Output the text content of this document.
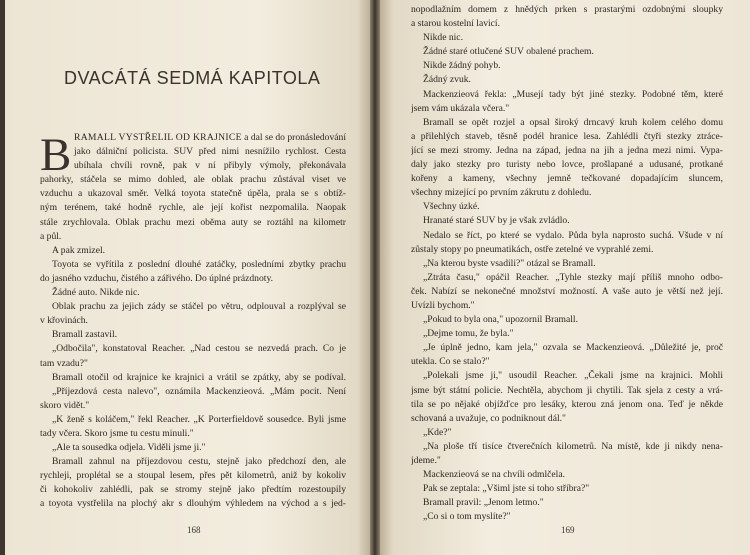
DVACÁTÁ SEDMÁ KAPITOLA
B RAMALL VYSTŘELIL OD KRAJNICE a dal se do pronásledování
jako dálniční policista. SUV před nimi nesnížilo rychlost. Cesta
ubíhala chvíli rovně, pak v ní přibyly výmoly, překonávala
pahorky, stáčela se mimo dohled, ale oblak prachu zůstával viset ve
vzduchu a ukazoval směr. Velká toyota statečně úpěla, prala se s obtíž-
ným terénem, také hodně rychle, ale její kořist nezpomalila. Naopak
stále zrychlovala. Oblak prachu mezi oběma auty se roztáhl na kilometr
a půl.
A pak zmizel.
Toyota se vyřítila z poslední dlouhé zatáčky, posledními zbytky prachu
do jasného vzduchu, čistého a zářivého. Do úplné prázdnoty.
Žádné auto. Nikde nic.
Oblak prachu za jejich zády se stáčel po větru, odplouval a rozplýval se
v křovinách.
Bramall zastavil.
„Odbočila", konstatoval Reacher. „Nad cestou se nezvedá prach. Co je
tam vzadu?"
Bramall otočil od krajnice ke krajnici a vrátil se zpátky, aby se podíval.
„Příjezdová cesta nalevo", oznámila Mackenzieová. „Mám pocit. Není
skoro vidět."
„K ženě s koláčem," řekl Reacher. „K Porterfieldově sousedce. Byli jsme
tady včera. Skoro jsme tu cestu minuli."
„Ale ta sousedka odjela. Viděli jsme ji."
Bramall zahnul na příjezdovou cestu, stejně jako předchozí den, ale
rychleji, proplétal se a stoupal lesem, přes pět kilometrů, aniž by kokoliv
či kohokoliv zahlédli, pak se stromy stejně jako předtím rozestoupily
a toyota vystřelila na plochý akr s dlouhým výhledem na východ a s jed-
168
nopodlažním domem z hnědých prken s prastarými ozdobnými sloupky
a starou kostelní lavicí.
Nikde nic.
Žádné staré otlučené SUV obalené prachem.
Nikde žádný pohyb.
Žádný zvuk.
Mackenzieová řekla: „Musejí tady být jiné stezky. Podobné těm, které
jsem vám ukázala včera."
Bramall se opět rozjel a opsal široký drncavý kruh kolem celého domu
a přilehlých staveb, těsně podél hranice lesa. Zahlédli čtyři stezky ztráce-
jící se mezi stromy. Jedna na západ, jedna na jih a jedna mezi nimi. Vypa-
daly jako stezky pro turisty nebo lovce, prošlapané a udusané, protkané
kořeny a kameny, všechny jemně tečkované dopadajícím sluncem,
všechny mizející po prvním zákrutu z dohledu.
Všechny úzké.
Hranaté staré SUV by je však zvládlo.
Nedalo se říct, po které se vydalo. Půda byla naprosto suchá. Všude v ní
zůstaly stopy po pneumatikách, ostře zetelné ve vyprahlé zemi.
„Na kterou byste vsadili?" otázal se Bramall.
„Ztráta času," opáčil Reacher. „Tyhle stezky mají příliš mnoho odbo-
ček. Nabízí se nekonečné množství možností. A vaše auto je větší než její.
Uvízli bychom."
„Pokud to byla ona," upozornil Bramall.
„Dejme tomu, že byla."
„Je úplně jedno, kam jela," ozvala se Mackenzieová. „Důležité je, proč
utekla. Co se stalo?"
„Polekali jsme ji," usoudil Reacher. „Čekali jsme na krajnici. Mohli
jsme být státní policie. Nechtěla, abychom ji chytili. Tak sjela z cesty a vrá-
tila se po nějaké objížďce pro lesáky, kterou zná jenom ona. Teď je někde
schovaná a uvažuje, co podniknout dál."
„Kde?"
„Na ploše tří tisíce čtverečních kilometrů. Na místě, kde ji nikdy nena-
jdeme."
Mackenzieová se na chvíli odmlčela.
Pak se zeptala: „Všiml jste si toho stříbra?"
Bramall pravil: „Jenom letmo."
„Co si o tom myslíte?"
169
